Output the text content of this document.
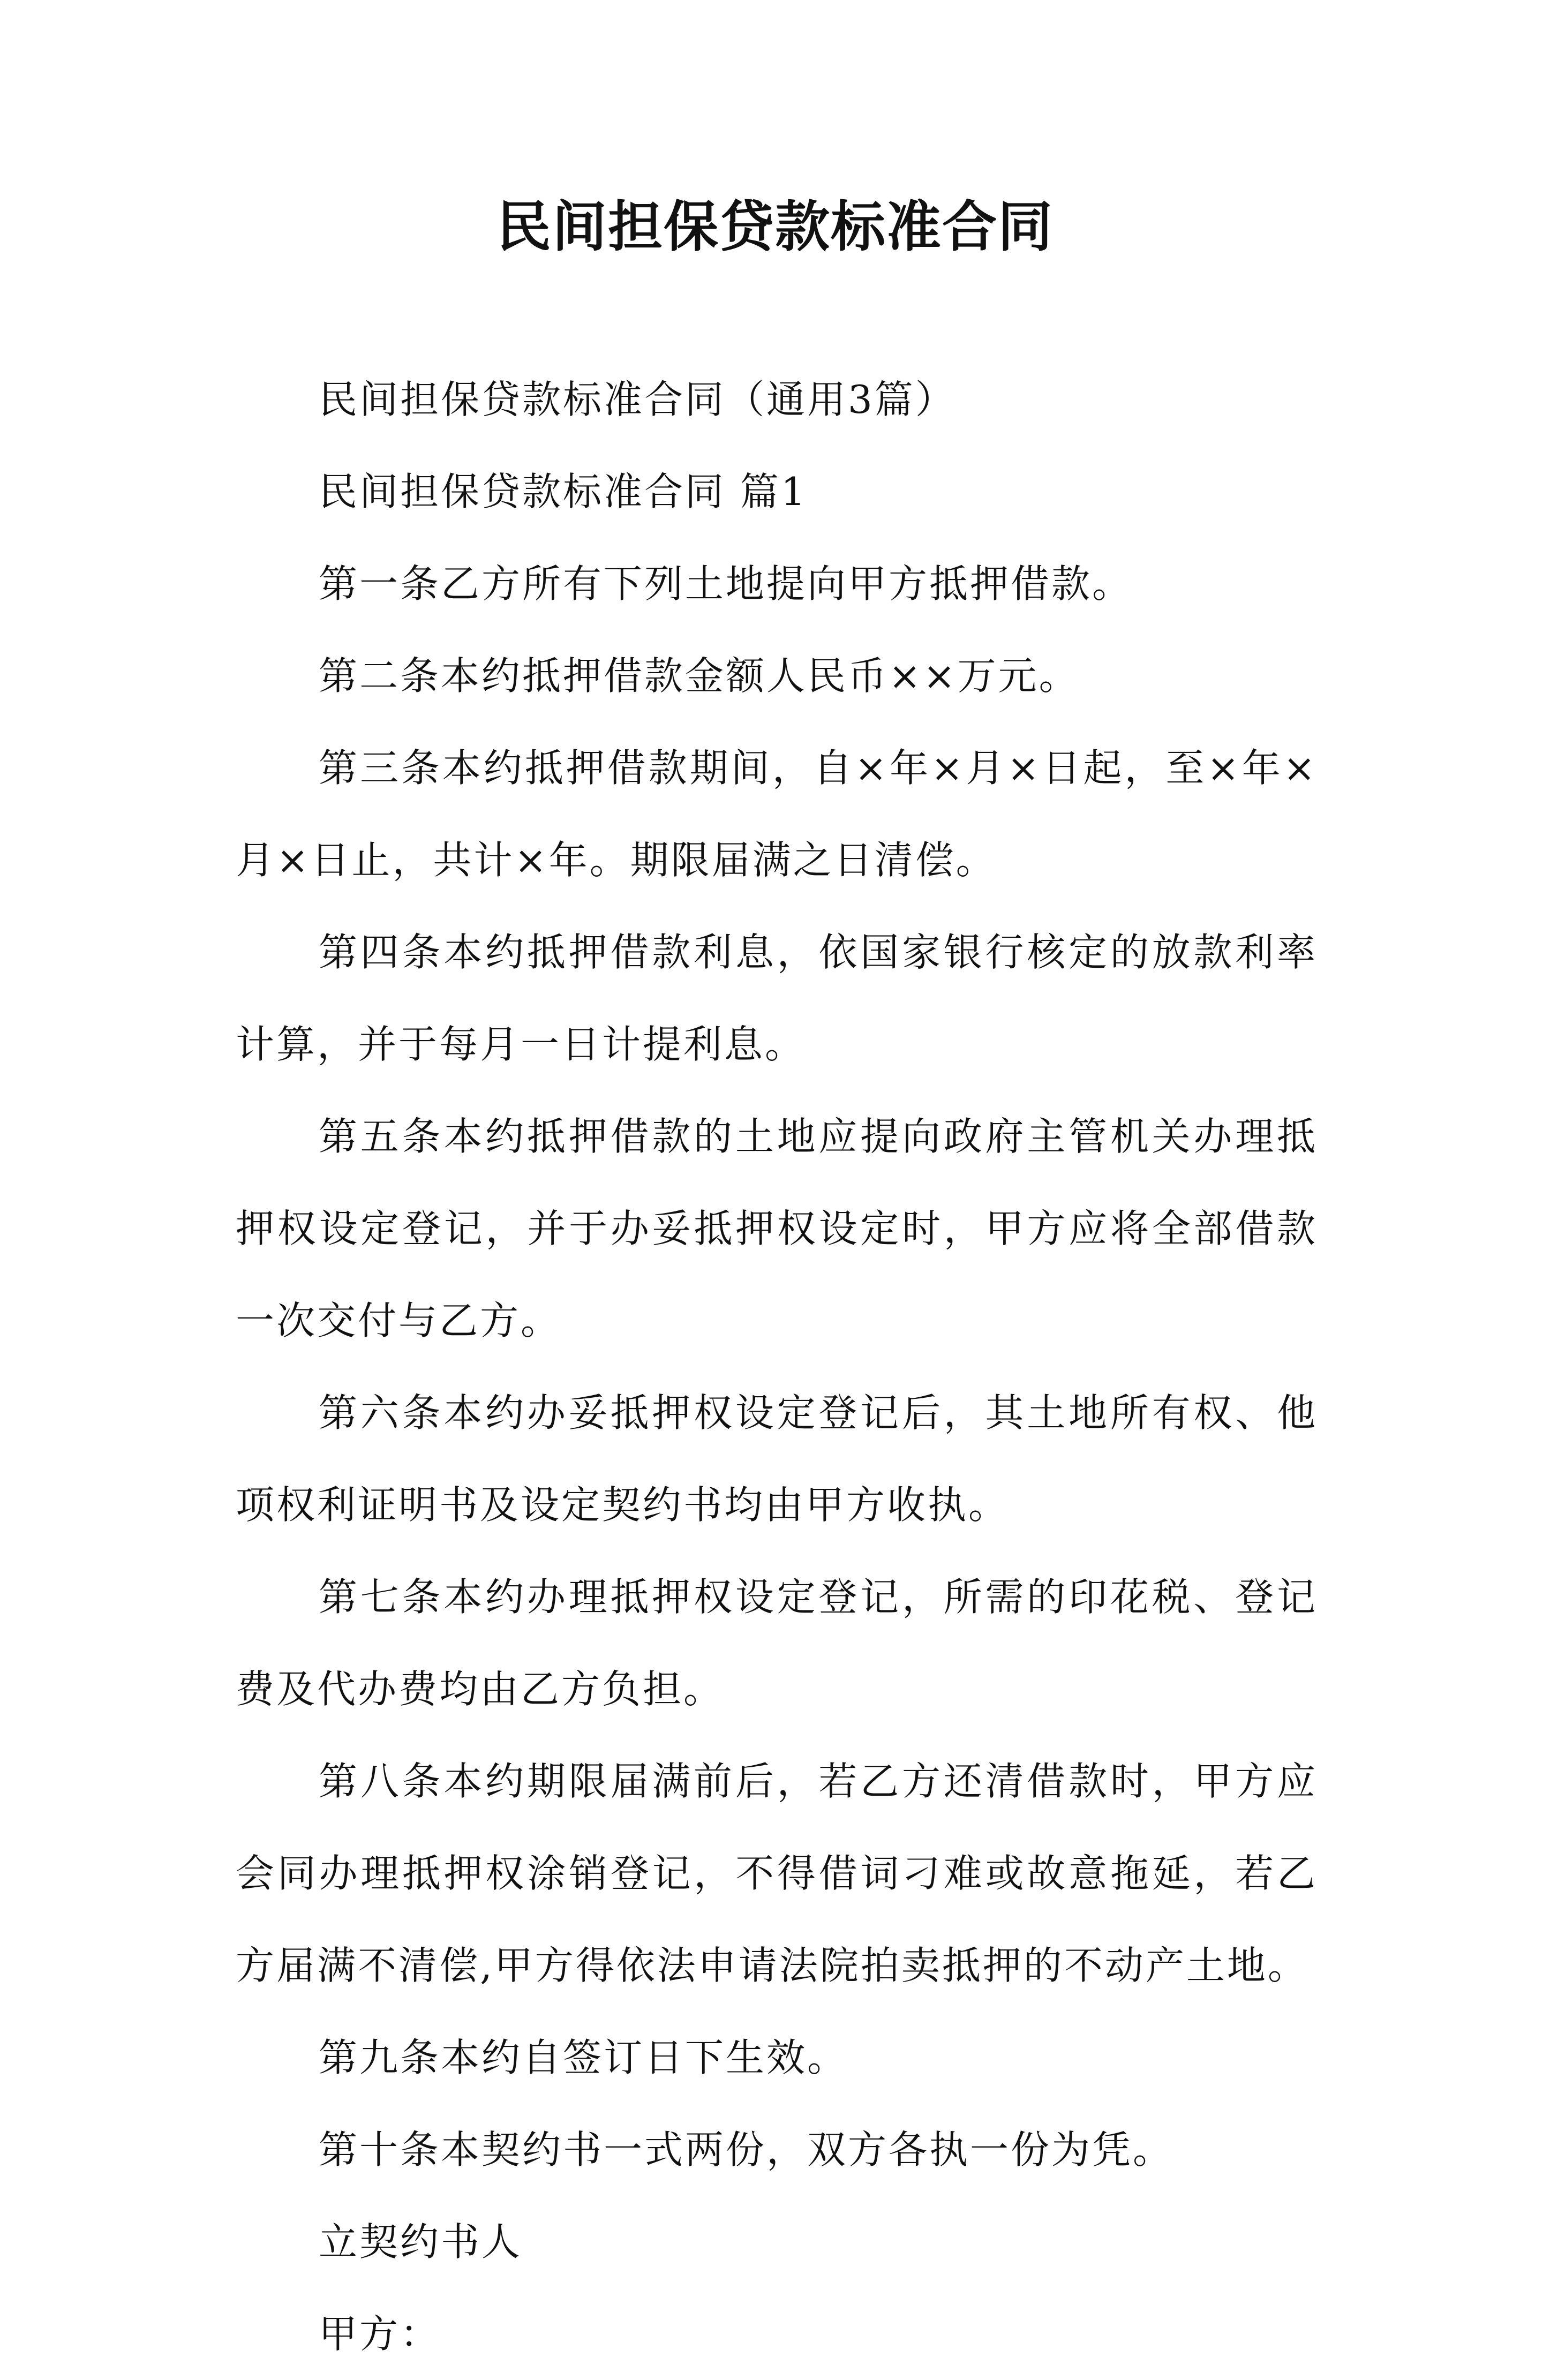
民间担保贷款标准合同

民间担保贷款标准合同（通用3篇）

民间担保贷款标准合同 篇1

第一条乙方所有下列土地提向甲方抵押借款。

第二条本约抵押借款金额人民币××万元。

第三条本约抵押借款期间，自×年×月×日起，至×年×月×日止，共计×年。期限届满之日清偿。

第四条本约抵押借款利息，依国家银行核定的放款利率计算，并于每月一日计提利息。

第五条本约抵押借款的土地应提向政府主管机关办理抵押权设定登记，并于办妥抵押权设定时，甲方应将全部借款一次交付与乙方。

第六条本约办妥抵押权设定登记后，其土地所有权、他项权利证明书及设定契约书均由甲方收执。

第七条本约办理抵押权设定登记，所需的印花税、登记费及代办费均由乙方负担。

第八条本约期限届满前后，若乙方还清借款时，甲方应会同办理抵押权涂销登记，不得借词刁难或故意拖延，若乙方届满不清偿,甲方得依法申请法院拍卖抵押的不动产土地。

第九条本约自签订日下生效。

第十条本契约书一式两份，双方各执一份为凭。

立契约书人

甲方：
